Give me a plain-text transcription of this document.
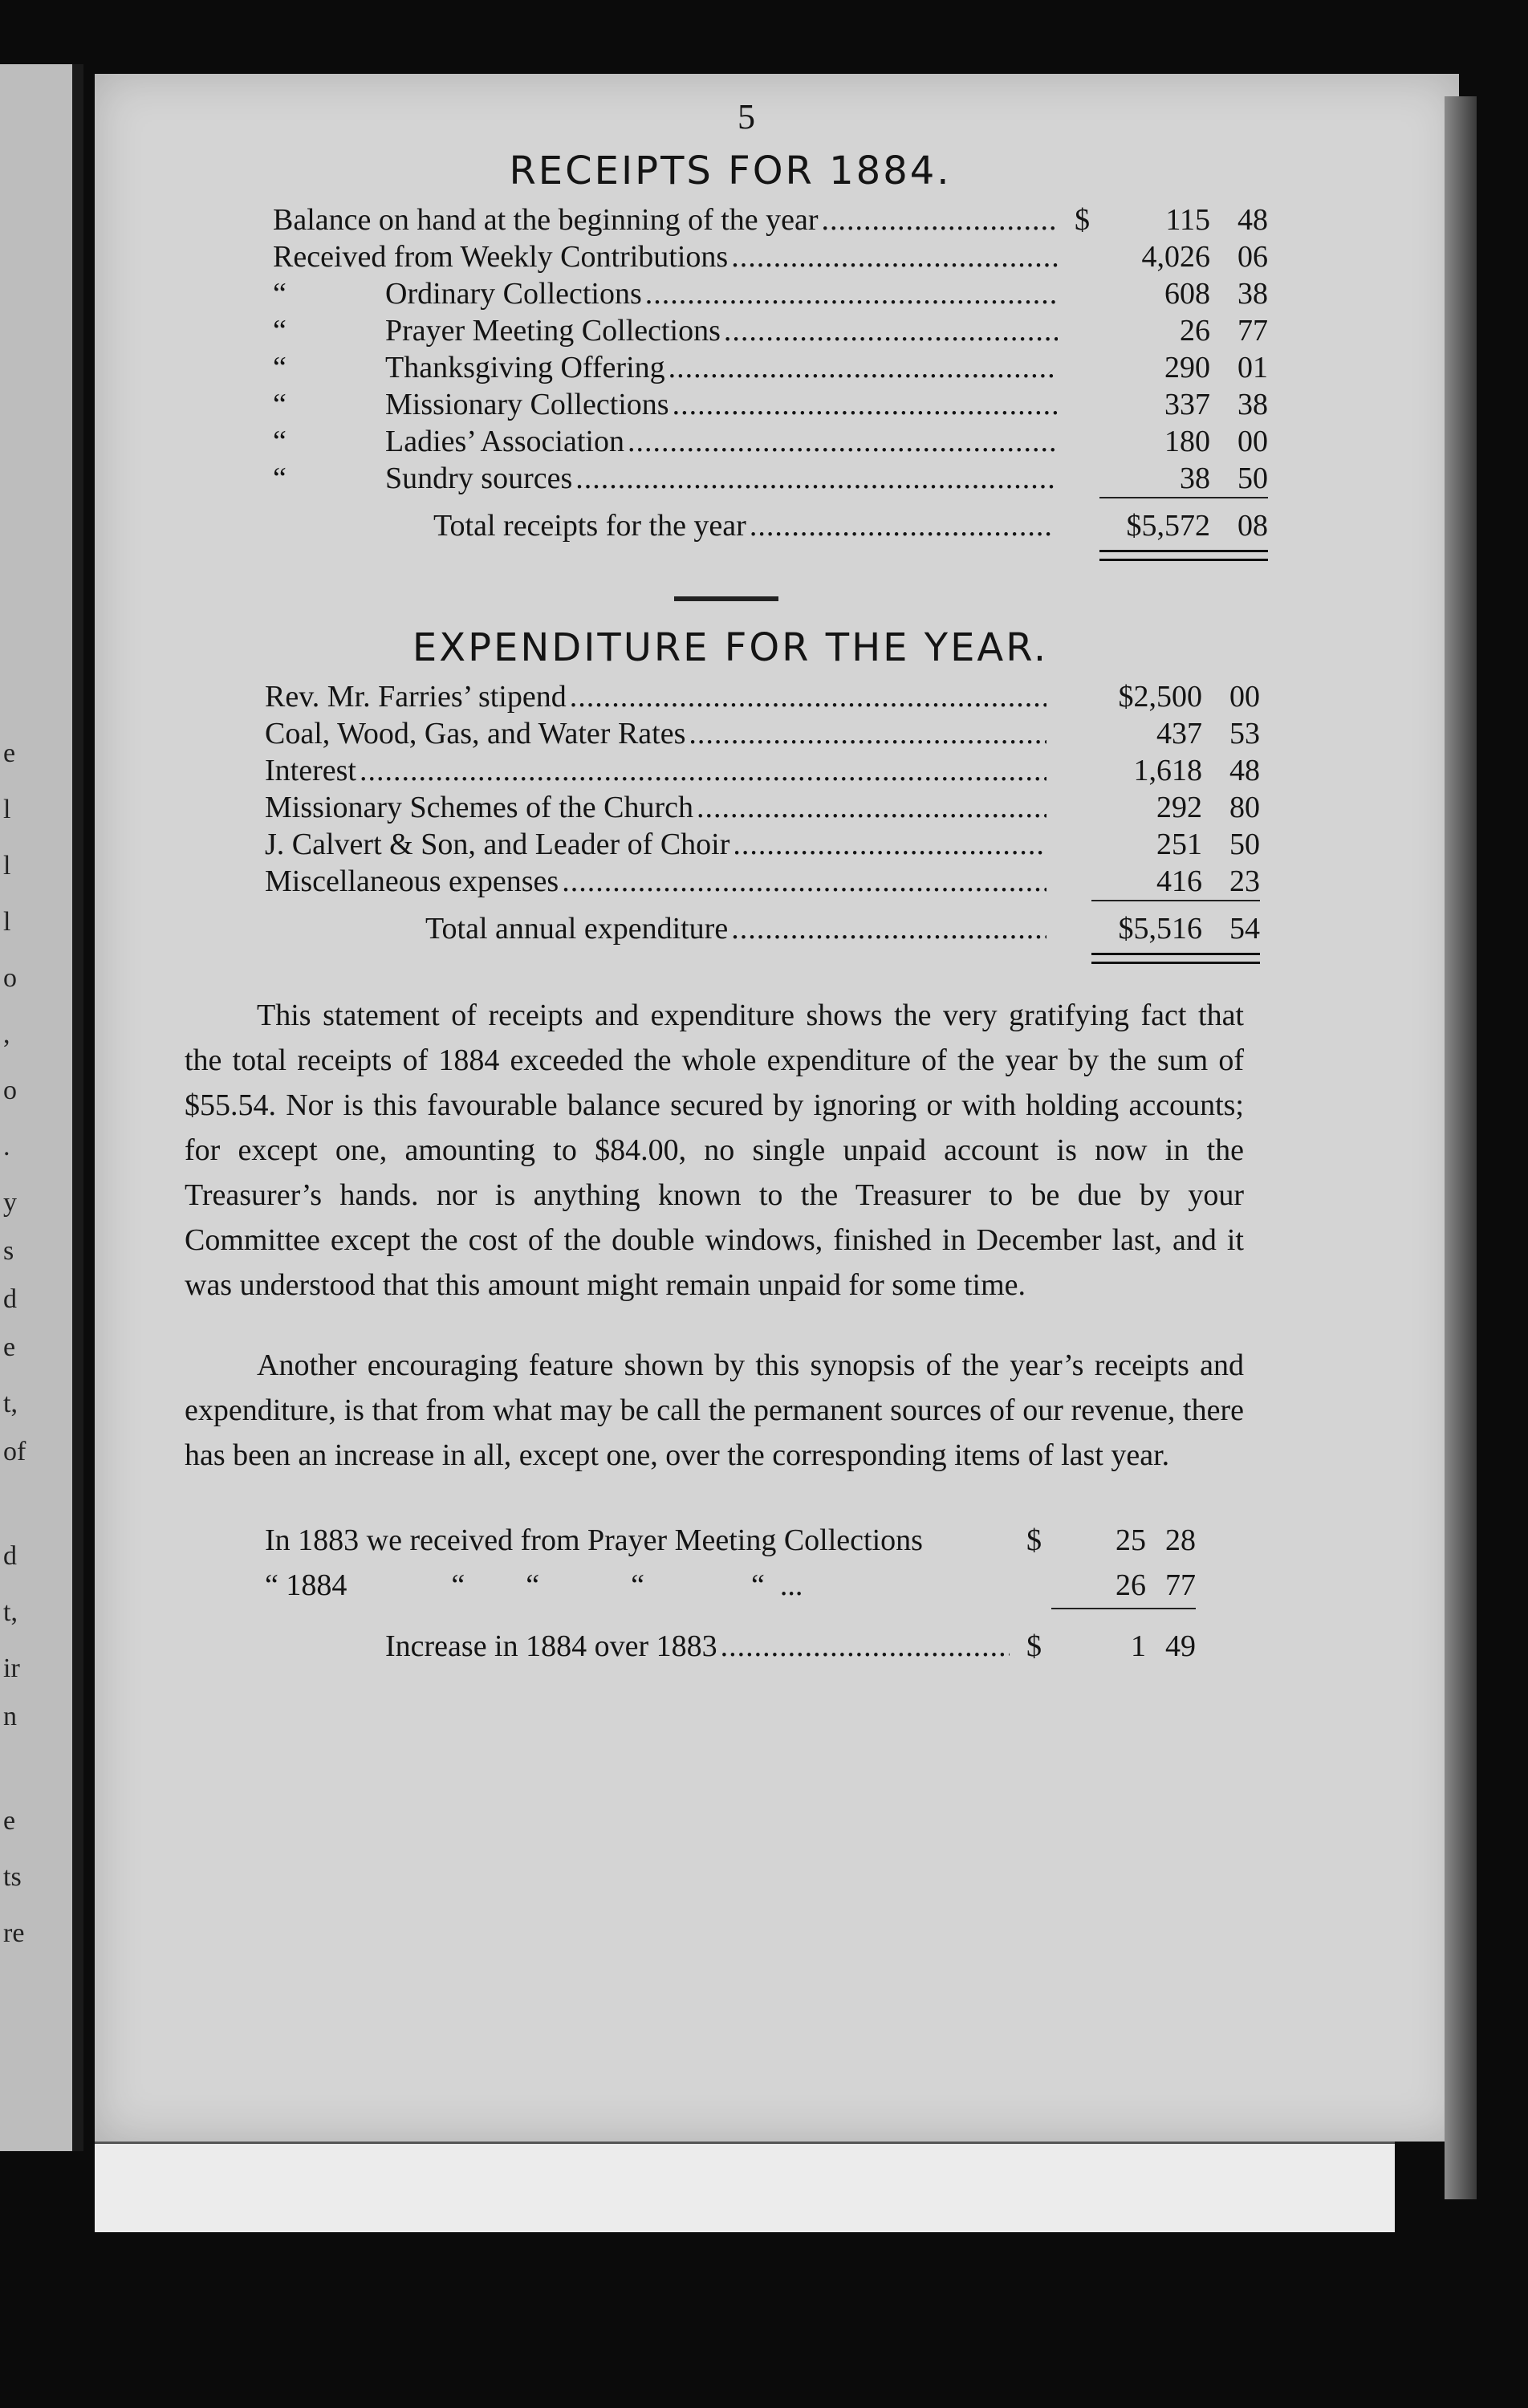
e
l
l
l
o
,
o
.
y
s
d
e
t,
of
d
t,
ir
n
e
ts
re
5
RECEIPTS FOR 1884.
Balance on hand at the beginning of the year .....	$	115 48
Received from Weekly Contributions .....	4,026 06
“	Ordinary Collections .....	608 38
“	Prayer Meeting Collections .....	26 77
“	Thanksgiving Offering .....	290 01
“	Missionary Collections .....	337 38
“	Ladies’ Association .....	180 00
“	Sundry sources .....	38 50
Total receipts for the year .....	$5,572 08
EXPENDITURE FOR THE YEAR.
Rev. Mr. Farries’ stipend .....	$2,500 00
Coal, Wood, Gas, and Water Rates .....	437 53
Interest .....	1,618 48
Missionary Schemes of the Church .....	292 80
J. Calvert & Son, and Leader of Choir .....	251 50
Miscellaneous expenses .....	416 23
Total annual expenditure .....	$5,516 54

This statement of receipts and expenditure shows the very gratifying fact that the total receipts of 1884 exceeded the whole expenditure of the year by the sum of $55.54. Nor is this favourable balance secured by ignoring or with holding accounts; for except one, amounting to $84.00, no single unpaid account is now in the Treasurer’s hands. nor is anything known to the Treasurer to be due by your Committee except the cost of the double windows, finished in December last, and it was understood that this amount might remain unpaid for some time.

Another encouraging feature shown by this synopsis of the year’s receipts and expenditure, is that from what may be call the permanent sources of our revenue, there has been an increase in all, except one, over the corresponding items of last year.

In 1883 we received from Prayer Meeting Collections	$	25 28
“ 1884	“        “            “              “  ...	26 77
Increase in 1884 over 1883 .....	$	1 49
